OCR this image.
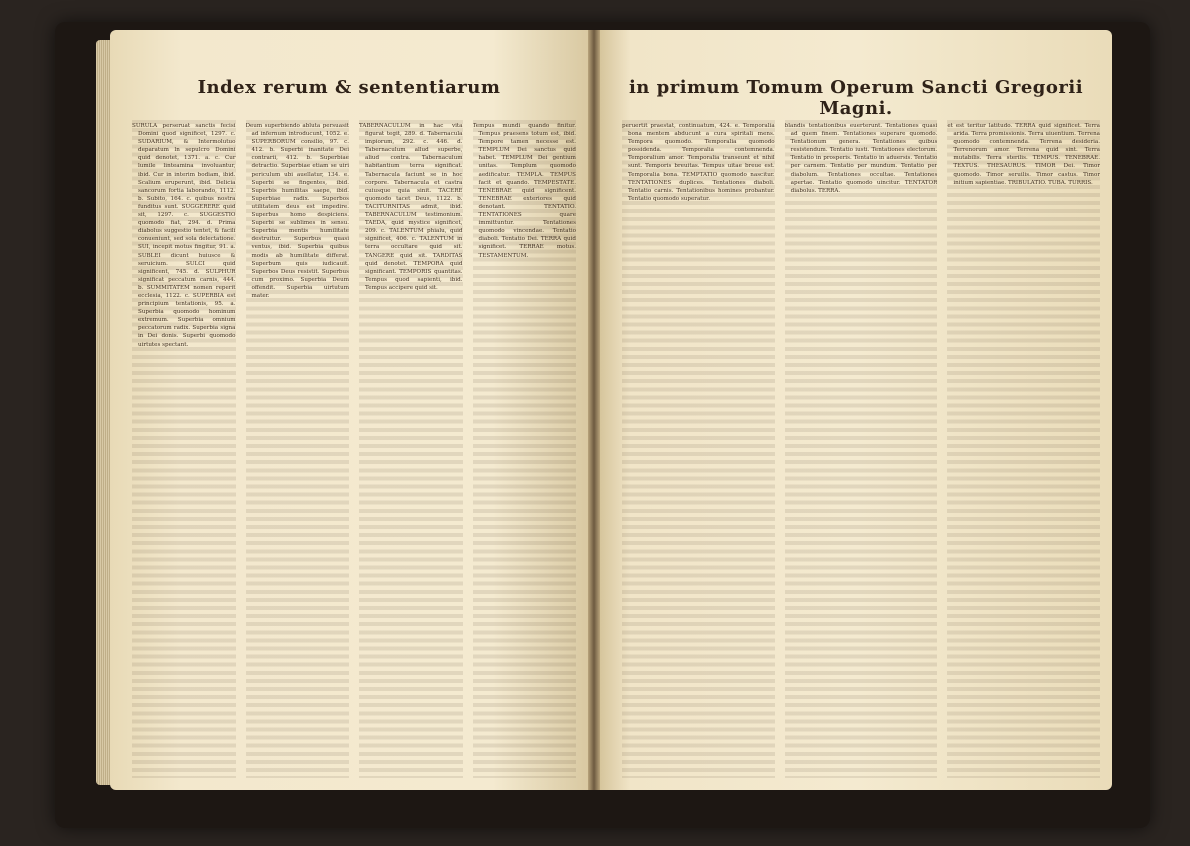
Index rerum & sententiarum

SURULA perseruat sanctis fecisi Domini quod significet, 1297. c. SUDARIUM, & Intermolutuo deparatum ln sepulcro Domini quid denotet, 1371. a. c. Cur lumile linteamina involuantur, ibid. Cur in interim bodiam, ibid. Scalium eruperunt, ibid. Delicia sancorum fortia laborando, 1112. b. Subito, 164. c. quibus nostra funditus sunt. SUGGERERE quid sit, 1297. c. SUGGESTIO quomodo fiat, 294. d. Prima diabolus suggestio tentet, & facili conueniunt, sed sola delectatione. SUI, incepit motus fingitur, 91. a. SUBLEI dicunt huiusce & seruicium. SULCI quid significent, 745. d. SULPHUR significat peccatum carnis, 444. b. SUMMITATEM nomen reperit ecclesia, 1122. c. SUPERBIA est principium tentationis, 95. a. Superbia quomodo hominum extremum. Superbia omnium peccatorum radix. Superbia signa in Dei donis. Superbi quomodo uirtutes spectant.

Deum superbiendo abluta persuasit ad infernum introducunt, 1052. e. SUPERBORUM consilio, 97. c. 412. b. Superbi inanitate Dei contrarii, 412. b. Superbiae detractio. Superbiae etiam se uiri periculum ubi auellatur, 134. e. Superbi se fingentes, ibid. Superbis humilitas saepe, ibid. Superbiae radix. Superbos utilitatem deus est impedire. Superbus homo despiciens. Superbi se sublimes in sensu. Superbia mentis humilitate destruitur. Superbus quasi ventus, ibid. Superbia quibus modis ab humilitate differat. Superbum quis iudicauit. Superbos Deus resistit. Superbus cum proximo. Superbia Deum offendit. Superbia uirtutum mater.

TABERNACULUM in hac vita figurat tegit, 289. d. Tabernacula impiorum, 292. c. 446. d. Tabernaculum allud superbe, aliud contra. Tabernaculum habitantium terra significat. Tabernacula faciunt se in hoc corpore. Tabernacula et castra cuiusque quia sinit. TACERE quomodo tacet Deus, 1122. b. TACITURNITAS admit, ibid. TABERNACULUM testimonium. TAEDA, quid mystice significet, 209. c. TALENTUM phialu, quid significet, 406. c. TALENTUM in terra occultare quid sit. TANGERE quid sit. TARDITAS quid denotet. TEMPORA quid significant. TEMPORIS quantitas. Tempus quod sapienti, ibid. Tempus accipere quid sit.

Tempus mundi quando finitur. Tempus praesens totum est, ibid. Tempore tamen necesse est. TEMPLUM Dei sanctus quid habet. TEMPLUM Dei gentium unitas. Templum quomodo aedificatur. TEMPLA. TEMPUS facit et quando. TEMPESTATE. TENEBRAE quid significent. TENEBRAE exteriores quid denotant. TENTATIO. TENTATIONES quare immittuntur. Tentationes quomodo vincendae. Tentatio diaboli. Tentatio Dei. TERRA quid significet. TERRAE motus. TESTAMENTUM.

in primum Tomum Operum Sancti Gregorii Magni.

peruertit praestat, continuatum, 424. e. Temporalia bona mentem abducunt a cura spiritali mens. Tempora quomodo. Temporalia quomodo possidenda. Temporalia contemnenda. Temporalium amor. Temporalia transeunt et nihil sunt. Temporis breuitas. Tempus uitae breue est. Temporalia bona. TEMPTATIO quomodo nascitur. TENTATIONES duplices. Tentationes diaboli. Tentatio carnis. Tentationibus homines probantur. Tentatio quomodo superatur.

blandis tentationibus euerterunt. Tentationes quasi ad quem finem. Tentationes superare quomodo. Tentationum genera. Tentationes quibus resistendum. Tentatio iusti. Tentationes electorum. Tentatio in prosperis. Tentatio in aduersis. Tentatio per carnem. Tentatio per mundum. Tentatio per diabolum. Tentationes occultae. Tentationes apertae. Tentatio quomodo uincitur. TENTATOR diabolus. TERRA.

et est teritur latitudo. TERRA quid significet. Terra arida. Terra promissionis. Terra uiuentium. Terrena quomodo contemnenda. Terrena desideria. Terrenorum amor. Terrena quid sint. Terra mutabilis. Terra sterilis. TEMPUS. TENEBRAE. TEXTUS. THESAURUS. TIMOR Dei. Timor quomodo. Timor seruilis. Timor castus. Timor initium sapientiae. TRIBULATIO. TUBA. TURRIS.
